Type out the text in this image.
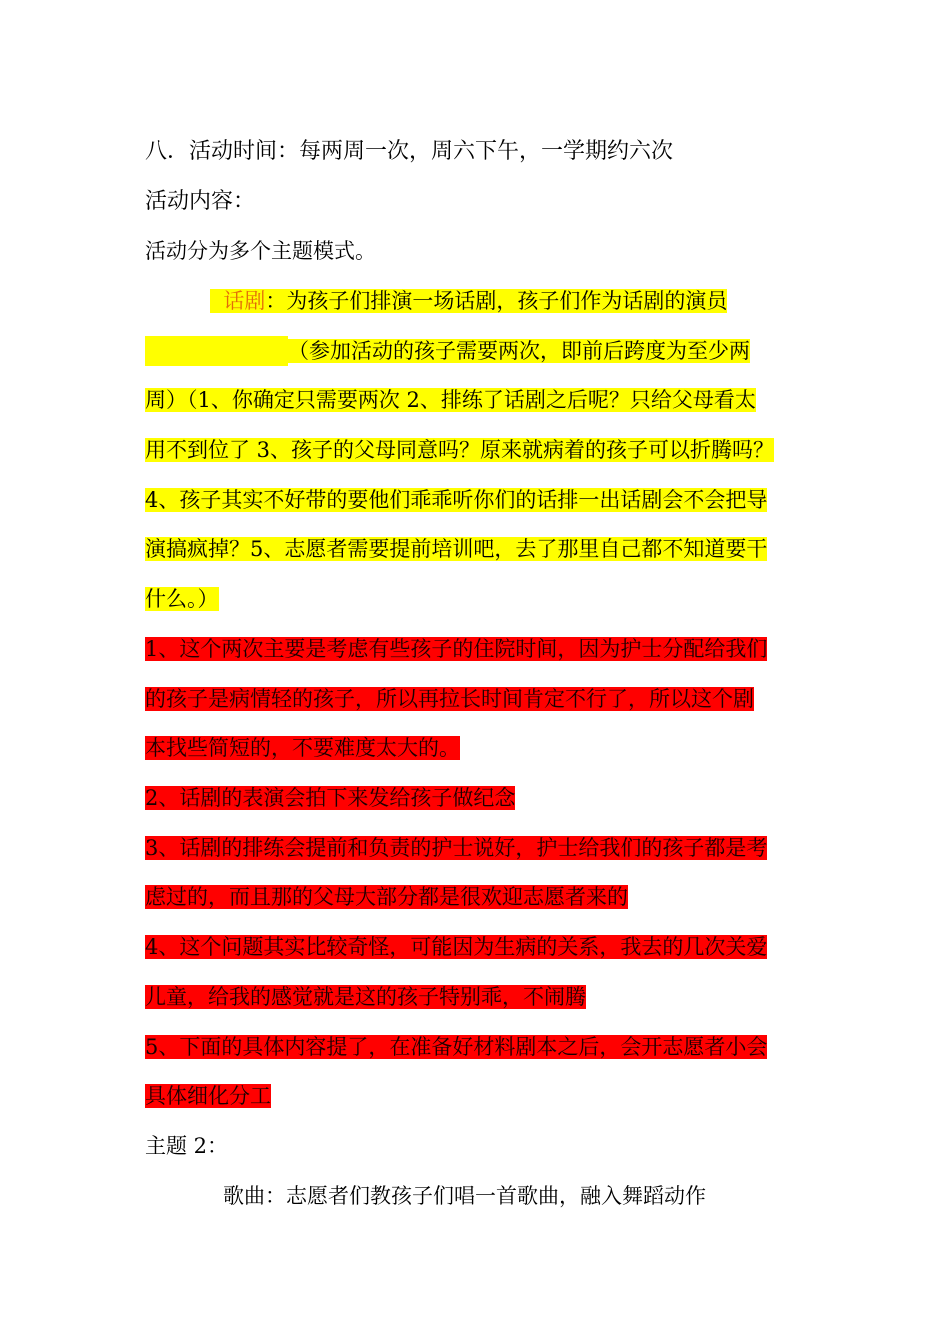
八．活动时间：每两周一次，周六下午，一学期约六次
活动内容：
活动分为多个主题模式。
话剧：为孩子们排演一场话剧，孩子们作为话剧的演员
（参加活动的孩子需要两次，即前后跨度为至少两
周）（1、你确定只需要两次 2、排练了话剧之后呢？只给父母看太
用不到位了 3、孩子的父母同意吗？原来就病着的孩子可以折腾吗？
4、孩子其实不好带的要他们乖乖听你们的话排一出话剧会不会把导
演搞疯掉？5、志愿者需要提前培训吧，去了那里自己都不知道要干
什么。）
1、这个两次主要是考虑有些孩子的住院时间，因为护士分配给我们
的孩子是病情轻的孩子，所以再拉长时间肯定不行了，所以这个剧
本找些简短的，不要难度太大的。
2、话剧的表演会拍下来发给孩子做纪念
3、话剧的排练会提前和负责的护士说好，护士给我们的孩子都是考
虑过的，而且那的父母大部分都是很欢迎志愿者来的
4、这个问题其实比较奇怪，可能因为生病的关系，我去的几次关爱
儿童，给我的感觉就是这的孩子特别乖，不闹腾
5、下面的具体内容提了，在准备好材料剧本之后，会开志愿者小会
具体细化分工
主题 2：
歌曲：志愿者们教孩子们唱一首歌曲，融入舞蹈动作
